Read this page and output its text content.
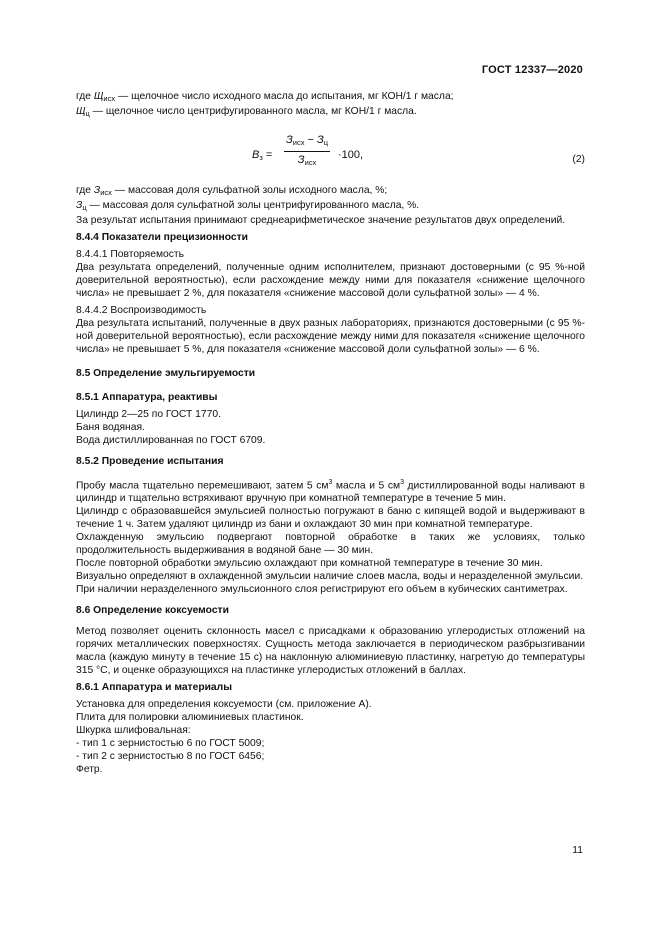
ГОСТ 12337—2020

где $Щ_{исх}$ — щелочное число исходного масла до испытания, мг КОН/1 г масла;

$Щ_ц$ — щелочное число центрифугированного масла, мг КОН/1 г масла.

$В_з$ =
$З_{исх} - З_ц$
$З_{исх}$
·100,	(2)

где $З_{исх}$ — массовая доля сульфатной золы исходного масла, %;

$З_ц$ — массовая доля сульфатной золы центрифугированного масла, %.

За результат испытания принимают среднеарифметическое значение результатов двух определений.

8.4.4 Показатели прецизионности

8.4.4.1 Повторяемость

Два результата определений, полученные одним исполнителем, признают достоверными (с 95 %-ной доверительной вероятностью), если расхождение между ними для показателя «снижение щелочного числа» не превышает 2 %, для показателя «снижение массовой доли сульфатной золы» — 4 %.

8.4.4.2 Воспроизводимость

Два результата испытаний, полученные в двух разных лабораториях, признаются достоверными (с 95 %-ной доверительной вероятностью), если расхождение между ними для показателя «снижение щелочного числа» не превышает 5 %, для показателя «снижение массовой доли сульфатной золы» — 6 %.

8.5 Определение эмульгируемости

8.5.1 Аппаратура, реактивы

Цилиндр 2—25 по ГОСТ 1770.

Баня водяная.

Вода дистиллированная по ГОСТ 6709.

8.5.2 Проведение испытания

Пробу масла тщательно перемешивают, затем 5 $см^3$ масла и 5 $см^3$ дистиллированной воды наливают в цилиндр и тщательно встряхивают вручную при комнатной температуре в течение 5 мин.

Цилиндр с образовавшейся эмульсией полностью погружают в баню с кипящей водой и выдерживают в течение 1 ч. Затем удаляют цилиндр из бани и охлаждают 30 мин при комнатной температуре.

Охлажденную эмульсию подвергают повторной обработке в таких же условиях, только продолжительность выдерживания в водяной бане — 30 мин.

После повторной обработки эмульсию охлаждают при комнатной температуре в течение 30 мин.

Визуально определяют в охлажденной эмульсии наличие слоев масла, воды и неразделенной эмульсии.

При наличии неразделенного эмульсионного слоя регистрируют его объем в кубических сантиметрах.

8.6 Определение коксуемости

Метод позволяет оценить склонность масел с присадками к образованию углеродистых отложений на горячих металлических поверхностях. Сущность метода заключается в периодическом разбрызгивании масла (каждую минуту в течение 15 с) на наклонную алюминиевую пластинку, нагретую до температуры 315 °С, и оценке образующихся на пластинке углеродистых отложений в баллах.

8.6.1 Аппаратура и материалы

Установка для определения коксуемости (см. приложение А).

Плита для полировки алюминиевых пластинок.

Шкурка шлифовальная:

- тип 1 с зернистостью 6 по ГОСТ 5009;

- тип 2 с зернистостью 8 по ГОСТ 6456;

Фетр.

11
